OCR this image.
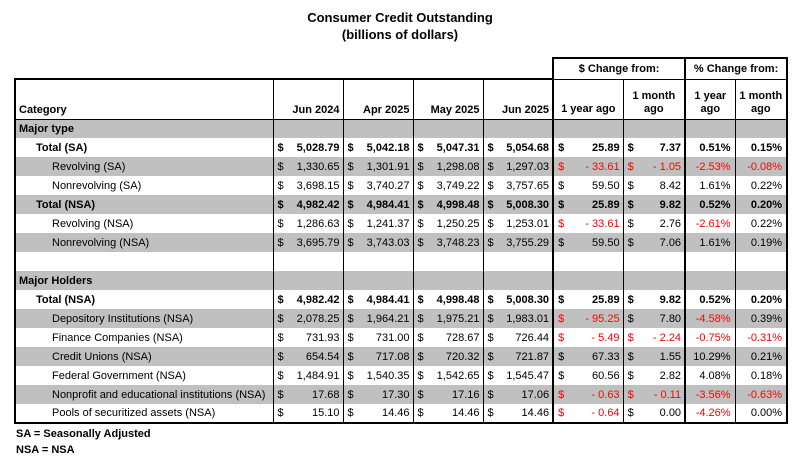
Consumer Credit Outstanding
(billions of dollars)
					$ Change from:		% Change from:	
Category	Jun 2024	Apr 2025	May 2025	Jun 2025	1 year ago	1 month ago	1 year ago	1 month ago
Major type								
Total (SA)	$ 5,028.79	$ 5,042.18	$ 5,047.31	$ 5,054.68	$ 25.89	$ 7.37	0.51%	0.15%
Revolving (SA)	$ 1,330.65	$ 1,301.91	$ 1,298.08	$ 1,297.03	$ - 33.61	$ - 1.05	-2.53%	-0.08%
Nonrevolving (SA)	$ 3,698.15	$ 3,740.27	$ 3,749.22	$ 3,757.65	$ 59.50	$ 8.42	1.61%	0.22%
Total (NSA)	$ 4,982.42	$ 4,984.41	$ 4,998.48	$ 5,008.30	$ 25.89	$ 9.82	0.52%	0.20%
Revolving (NSA)	$ 1,286.63	$ 1,241.37	$ 1,250.25	$ 1,253.01	$ - 33.61	$ 2.76	-2.61%	0.22%
Nonrevolving (NSA)	$ 3,695.79	$ 3,743.03	$ 3,748.23	$ 3,755.29	$ 59.50	$ 7.06	1.61%	0.19%

Major Holders								
Total (NSA)	$ 4,982.42	$ 4,984.41	$ 4,998.48	$ 5,008.30	$ 25.89	$ 9.82	0.52%	0.20%
Depository Institutions (NSA)	$ 2,078.25	$ 1,964.21	$ 1,975.21	$ 1,983.01	$ - 95.25	$ 7.80	-4.58%	0.39%
Finance Companies (NSA)	$ 731.93	$ 731.00	$ 728.67	$ 726.44	$ - 5.49	$ - 2.24	-0.75%	-0.31%
Credit Unions (NSA)	$ 654.54	$ 717.08	$ 720.32	$ 721.87	$ 67.33	$ 1.55	10.29%	0.21%
Federal Government (NSA)	$ 1,484.91	$ 1,540.35	$ 1,542.65	$ 1,545.47	$ 60.56	$ 2.82	4.08%	0.18%
Nonprofit and educational institutions (NSA)	$ 17.68	$ 17.30	$ 17.16	$ 17.06	$ - 0.63	$ - 0.11	-3.56%	-0.63%
Pools of securitized assets (NSA)	$ 15.10	$ 14.46	$ 14.46	$ 14.46	$ - 0.64	$ 0.00	-4.26%	0.00%
SA = Seasonally Adjusted
NSA = NSA
